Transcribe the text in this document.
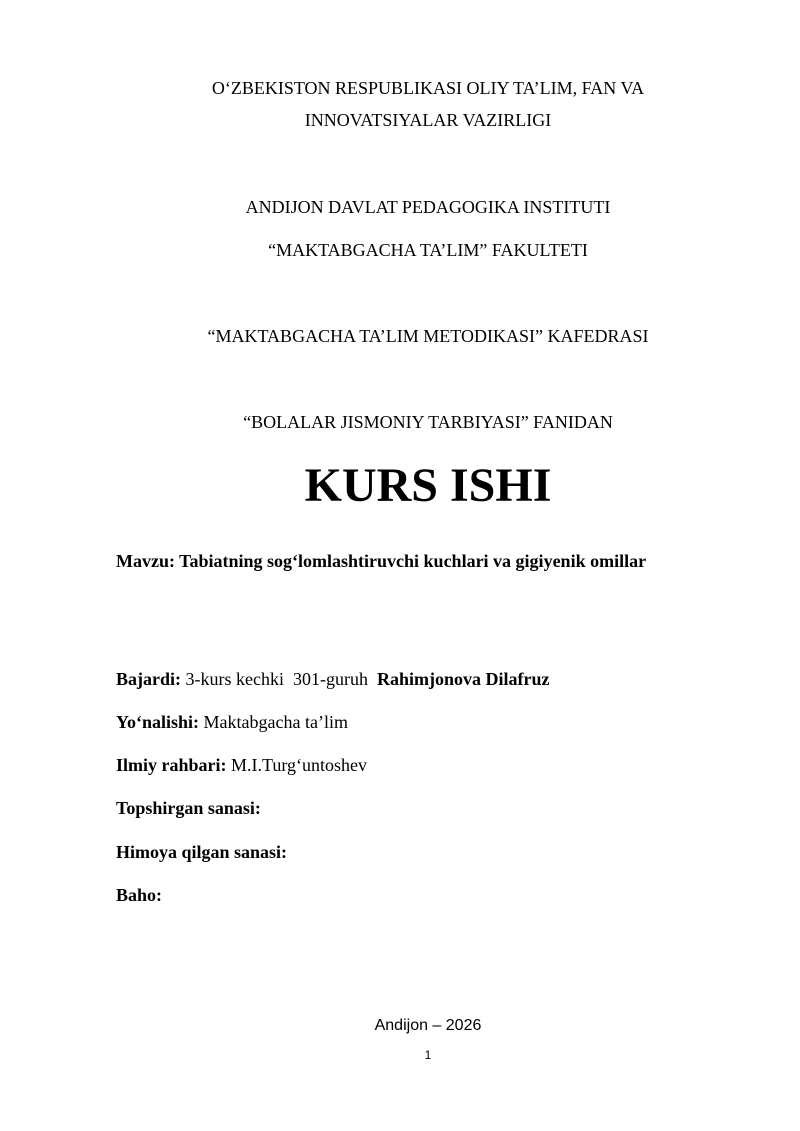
O‘ZBEKISTON RESPUBLIKASI OLIY TA’LIM, FAN VA
INNOVATSIYALAR VAZIRLIGI
ANDIJON DAVLAT PEDAGOGIKA INSTITUTI
“MAKTABGACHA TA’LIM” FAKULTETI
“MAKTABGACHA TA’LIM METODIKASI” KAFEDRASI
“BOLALAR JISMONIY TARBIYASI” FANIDAN
KURS ISHI
Mavzu: Tabiatning sog‘lomlashtiruvchi kuchlari va gigiyenik omillar
Bajardi: 3-kurs kechki  301-guruh  Rahimjonova Dilafruz
Yo‘nalishi: Maktabgacha ta’lim
Ilmiy rahbari: M.I.Turg‘untoshev
Topshirgan sanasi:
Himoya qilgan sanasi:
Baho:
Andijon – 2026
1
